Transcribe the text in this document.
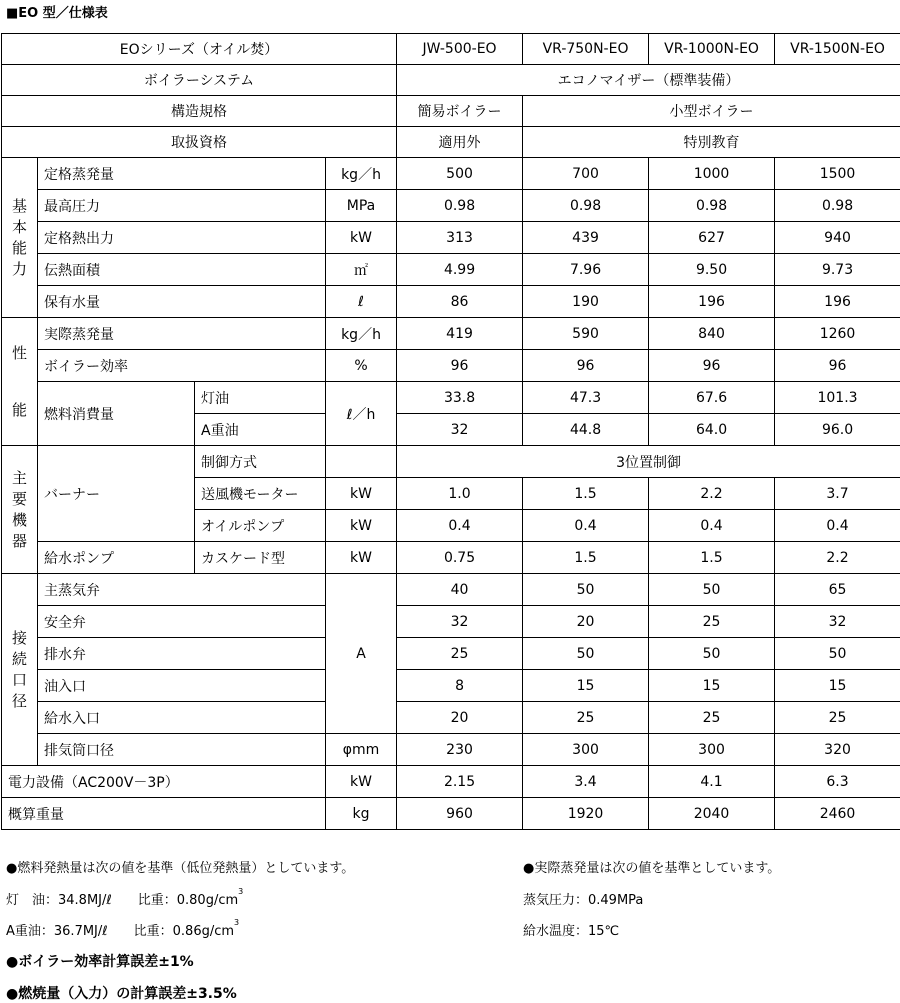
■EO 型／仕様表
EOシリーズ（オイル焚）				JW-500-EO	VR-750N-EO	VR-1000N-EO	VR-1500N-EO
ボイラーシステム				エコノマイザー（標準装備）			
構造規格				簡易ボイラー	小型ボイラー		
取扱資格				適用外	特別教育		

基
本
能
力	定格蒸発量		kg／h	500	700	1000	1500
	最高圧力		MPa	0.98	0.98	0.98	0.98
	定格熱出力		kW	313	439	627	940
	伝熱面積		㎡	4.99	7.96	9.50	9.73
	保有水量		ℓ	86	190	196	196

性
能	実際蒸発量		kg／h	419	590	840	1260
	ボイラー効率		%	96	96	96	96
	燃料消費量	灯油	ℓ／h	33.8	47.3	67.6	101.3
		A重油		32	44.8	64.0	96.0

主
要
機
器	バーナー	制御方式		3位置制御			
		送風機モーター	kW	1.0	1.5	2.2	3.7
		オイルポンプ	kW	0.4	0.4	0.4	0.4
	給水ポンプ	カスケード型	kW	0.75	1.5	1.5	2.2

接
続
口
径	主蒸気弁		A	40	50	50	65
	安全弁			32	20	25	32
	排水弁			25	50	50	50
	油入口			8	15	15	15
	給水入口			20	25	25	25
	排気筒口径		φmm	230	300	300	320
電力設備（AC200V－3P）			kW	2.15	3.4	4.1	6.3
概算重量			kg	960	1920	2040	2460
●燃料発熱量は次の値を基準（低位発熱量）としています。
灯　油：34.8MJ/ℓ　　比重：$0.80g/cm^3$
A重油：36.7MJ/ℓ　　比重：$0.86g/cm^3$
●ボイラー効率計算誤差±1%
●燃焼量（入力）の計算誤差±3.5%
●実際蒸発量は次の値を基準としています。
蒸気圧力：0.49MPa
給水温度：15℃
